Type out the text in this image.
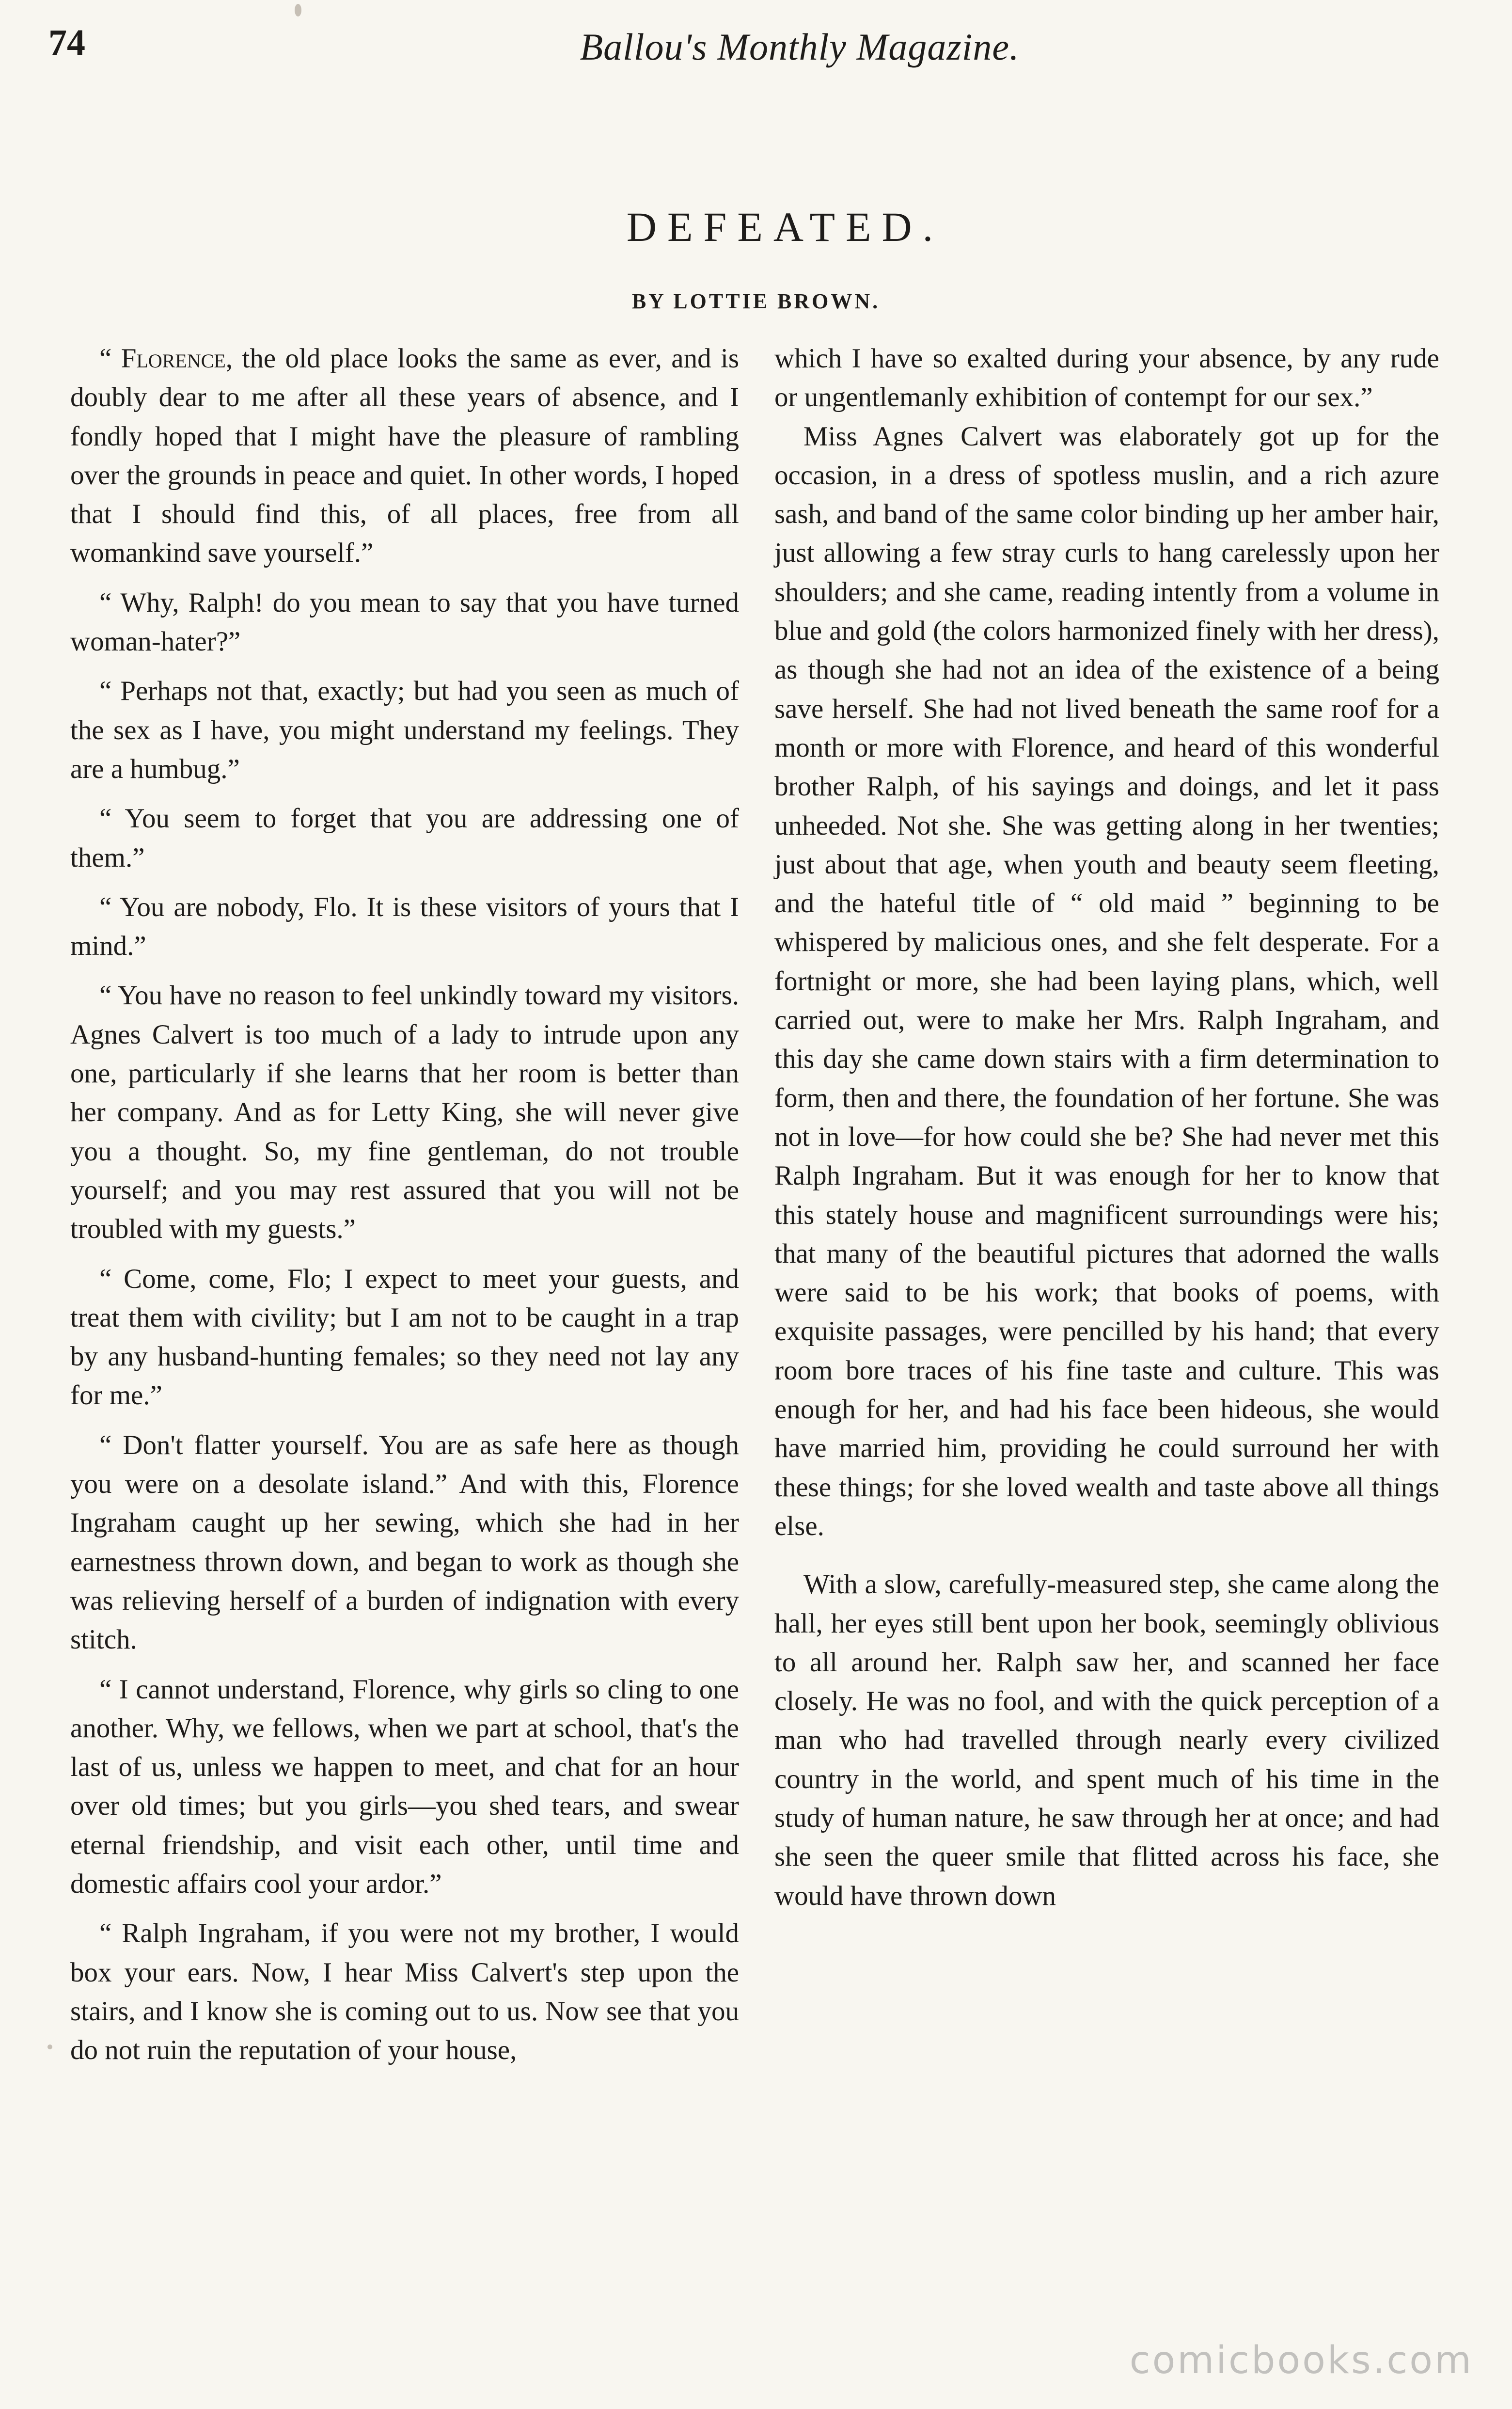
74	Ballou's Monthly Magazine.
DEFEATED.
BY LOTTIE BROWN.

“ Florence, the old place looks the same as ever, and is doubly dear to me after all these years of absence, and I fondly hoped that I might have the pleasure of rambling over the grounds in peace and quiet. In other words, I hoped that I should find this, of all places, free from all womankind save yourself.”

“ Why, Ralph! do you mean to say that you have turned woman-hater?”

“ Perhaps not that, exactly; but had you seen as much of the sex as I have, you might understand my feelings. They are a humbug.”

“ You seem to forget that you are addressing one of them.”

“ You are nobody, Flo. It is these visitors of yours that I mind.”

“ You have no reason to feel unkindly toward my visitors. Agnes Calvert is too much of a lady to intrude upon any one, particularly if she learns that her room is better than her company. And as for Letty King, she will never give you a thought. So, my fine gentleman, do not trouble yourself; and you may rest assured that you will not be troubled with my guests.”

“ Come, come, Flo; I expect to meet your guests, and treat them with civility; but I am not to be caught in a trap by any husband-hunting females; so they need not lay any for me.”

“ Don't flatter yourself. You are as safe here as though you were on a desolate island.” And with this, Florence Ingraham caught up her sewing, which she had in her earnestness thrown down, and began to work as though she was relieving herself of a burden of indignation with every stitch.

“ I cannot understand, Florence, why girls so cling to one another. Why, we fellows, when we part at school, that's the last of us, unless we happen to meet, and chat for an hour over old times; but you girls—you shed tears, and swear eternal friendship, and visit each other, until time and domestic affairs cool your ardor.”

“ Ralph Ingraham, if you were not my brother, I would box your ears. Now, I hear Miss Calvert's step upon the stairs, and I know she is coming out to us. Now see that you do not ruin the reputation of your house,

which I have so exalted during your absence, by any rude or ungentlemanly exhibition of contempt for our sex.”

Miss Agnes Calvert was elaborately got up for the occasion, in a dress of spotless muslin, and a rich azure sash, and band of the same color binding up her amber hair, just allowing a few stray curls to hang carelessly upon her shoulders; and she came, reading intently from a volume in blue and gold (the colors harmonized finely with her dress), as though she had not an idea of the existence of a being save herself. She had not lived beneath the same roof for a month or more with Florence, and heard of this wonderful brother Ralph, of his sayings and doings, and let it pass unheeded. Not she. She was getting along in her twenties; just about that age, when youth and beauty seem fleeting, and the hateful title of “ old maid ” beginning to be whispered by malicious ones, and she felt desperate. For a fortnight or more, she had been laying plans, which, well carried out, were to make her Mrs. Ralph Ingraham, and this day she came down stairs with a firm determination to form, then and there, the foundation of her fortune. She was not in love—for how could she be? She had never met this Ralph Ingraham. But it was enough for her to know that this stately house and magnificent surroundings were his; that many of the beautiful pictures that adorned the walls were said to be his work; that books of poems, with exquisite passages, were pencilled by his hand; that every room bore traces of his fine taste and culture. This was enough for her, and had his face been hideous, she would have married him, providing he could surround her with these things; for she loved wealth and taste above all things else.

With a slow, carefully-measured step, she came along the hall, her eyes still bent upon her book, seemingly oblivious to all around her. Ralph saw her, and scanned her face closely. He was no fool, and with the quick perception of a man who had travelled through nearly every civilized country in the world, and spent much of his time in the study of human nature, he saw through her at once; and had she seen the queer smile that flitted across his face, she would have thrown down

comicbooks.com
